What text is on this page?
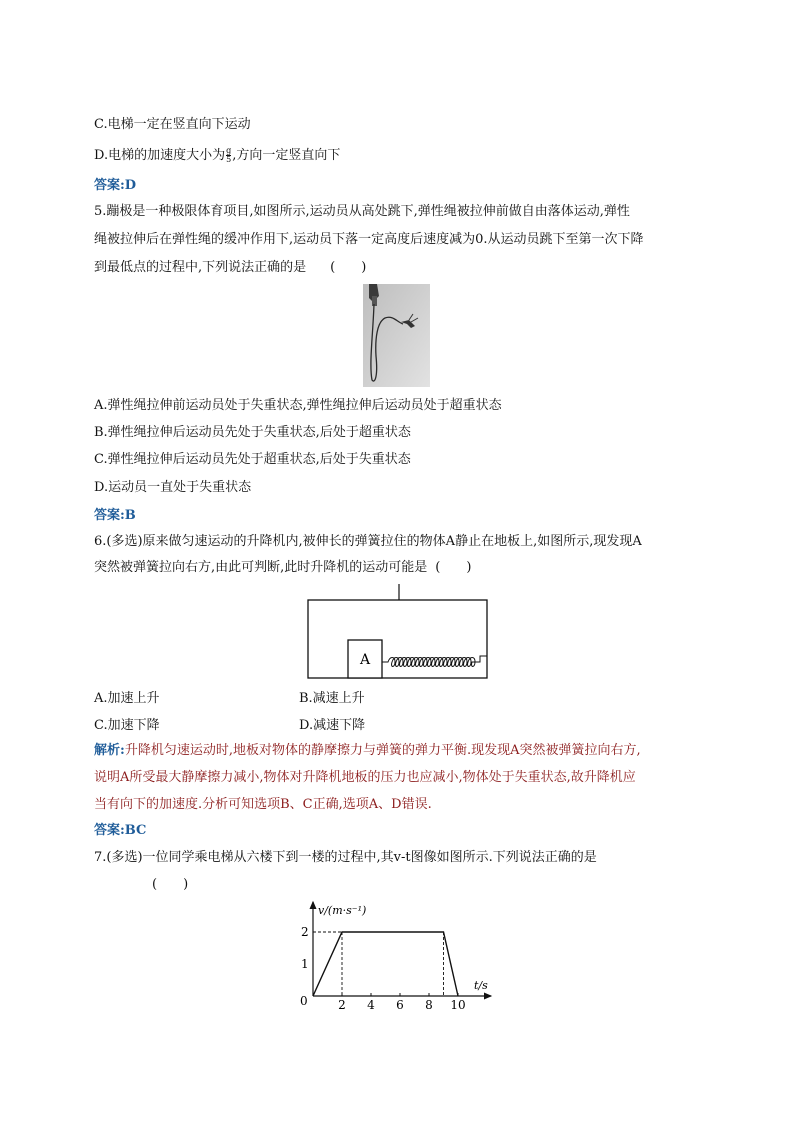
C.电梯一定在竖直向下运动
D.电梯的加速度大小为 $\frac{g}{5}$ ,方向一定竖直向下
答案:D
5.蹦极是一种极限体育项目,如图所示,运动员从高处跳下,弹性绳被拉伸前做自由落体运动,弹性
绳被拉伸后在弹性绳的缓冲作用下,运动员下落一定高度后速度减为0.从运动员跳下至第一次下降
到最低点的过程中,下列说法正确的是 (　　)
A.弹性绳拉伸前运动员处于失重状态,弹性绳拉伸后运动员处于超重状态
B.弹性绳拉伸后运动员先处于失重状态,后处于超重状态
C.弹性绳拉伸后运动员先处于超重状态,后处于失重状态
D.运动员一直处于失重状态
答案:B
6.(多选)原来做匀速运动的升降机内,被伸长的弹簧拉住的物体A静止在地板上,如图所示,现发现A
突然被弹簧拉向右方,由此可判断,此时升降机的运动可能是 (　　)
A
A.加速上升	B.减速上升
C.加速下降	D.减速下降
解析:升降机匀速运动时,地板对物体的静摩擦力与弹簧的弹力平衡.现发现A突然被弹簧拉向右方,
说明A所受最大静摩擦力减小,物体对升降机地板的压力也应减小,物体处于失重状态,故升降机应
当有向下的加速度.分析可知选项B、C正确,选项A、D错误.
答案:BC
7.(多选)一位同学乘电梯从六楼下到一楼的过程中,其v-t图像如图所示.下列说法正确的是
(　　)
v/(m·s⁻¹)
t/s
2
1
0	2 4 6 8 10
